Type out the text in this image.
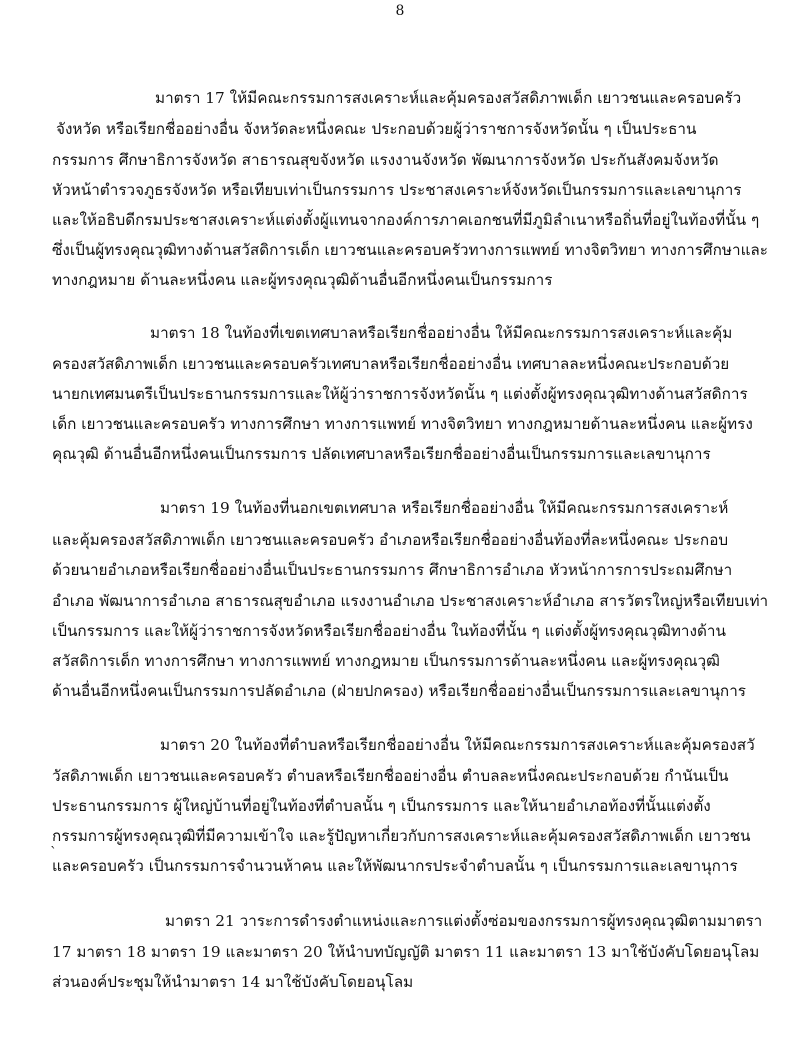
8
มาตรา 17 ให้มีคณะกรรมการสงเคราะห์และคุ้มครองสวัสดิภาพเด็ก เยาวชนและครอบครัว
จังหวัด หรือเรียกชื่ออย่างอื่น จังหวัดละหนึ่งคณะ ประกอบด้วยผู้ว่าราชการจังหวัดนั้น ๆ เป็นประธาน
กรรมการ ศึกษาธิการจังหวัด สาธารณสุขจังหวัด แรงงานจังหวัด พัฒนาการจังหวัด ประกันสังคมจังหวัด
หัวหน้าตำรวจภูธรจังหวัด หรือเทียบเท่าเป็นกรรมการ ประชาสงเคราะห์จังหวัดเป็นกรรมการและเลขานุการ
และให้อธิบดีกรมประชาสงเคราะห์แต่งตั้งผู้แทนจากองค์การภาคเอกชนที่มีภูมิลำเนาหรือถิ่นที่อยู่ในท้องที่นั้น ๆ
ซึ่งเป็นผู้ทรงคุณวุฒิทางด้านสวัสดิการเด็ก เยาวชนและครอบครัวทางการแพทย์ ทางจิตวิทยา ทางการศึกษาและ
ทางกฎหมาย ด้านละหนึ่งคน และผู้ทรงคุณวุฒิด้านอื่นอีกหนึ่งคนเป็นกรรมการ
มาตรา 18 ในท้องที่เขตเทศบาลหรือเรียกชื่ออย่างอื่น ให้มีคณะกรรมการสงเคราะห์และคุ้ม
ครองสวัสดิภาพเด็ก เยาวชนและครอบครัวเทศบาลหรือเรียกชื่ออย่างอื่น เทศบาลละหนึ่งคณะประกอบด้วย
นายกเทศมนตรีเป็นประธานกรรมการและให้ผู้ว่าราชการจังหวัดนั้น ๆ แต่งตั้งผู้ทรงคุณวุฒิทางด้านสวัสดิการ
เด็ก เยาวชนและครอบครัว ทางการศึกษา ทางการแพทย์ ทางจิตวิทยา ทางกฎหมายด้านละหนึ่งคน และผู้ทรง
คุณวุฒิ ด้านอื่นอีกหนึ่งคนเป็นกรรมการ ปลัดเทศบาลหรือเรียกชื่ออย่างอื่นเป็นกรรมการและเลขานุการ
มาตรา 19 ในท้องที่นอกเขตเทศบาล หรือเรียกชื่ออย่างอื่น ให้มีคณะกรรมการสงเคราะห์
และคุ้มครองสวัสดิภาพเด็ก เยาวชนและครอบครัว อำเภอหรือเรียกชื่ออย่างอื่นท้องที่ละหนึ่งคณะ ประกอบ
ด้วยนายอำเภอหรือเรียกชื่ออย่างอื่นเป็นประธานกรรมการ ศึกษาธิการอำเภอ หัวหน้าการการประถมศึกษา
อำเภอ พัฒนาการอำเภอ สาธารณสุขอำเภอ แรงงานอำเภอ ประชาสงเคราะห์อำเภอ สารวัตรใหญ่หรือเทียบเท่า
เป็นกรรมการ และให้ผู้ว่าราชการจังหวัดหรือเรียกชื่ออย่างอื่น ในท้องที่นั้น ๆ แต่งตั้งผู้ทรงคุณวุฒิทางด้าน
สวัสดิการเด็ก ทางการศึกษา ทางการแพทย์ ทางกฎหมาย เป็นกรรมการด้านละหนึ่งคน และผู้ทรงคุณวุฒิ
ด้านอื่นอีกหนึ่งคนเป็นกรรมการปลัดอำเภอ (ฝ่ายปกครอง) หรือเรียกชื่ออย่างอื่นเป็นกรรมการและเลขานุการ
มาตรา 20 ในท้องที่ตำบลหรือเรียกชื่ออย่างอื่น ให้มีคณะกรรมการสงเคราะห์และคุ้มครองสวั
วัสดิภาพเด็ก เยาวชนและครอบครัว ตำบลหรือเรียกชื่ออย่างอื่น ตำบลละหนึ่งคณะประกอบด้วย กำนันเป็น
ประธานกรรมการ ผู้ใหญ่บ้านที่อยู่ในท้องที่ตำบลนั้น ๆ เป็นกรรมการ และให้นายอำเภอท้องที่นั้นแต่งตั้ง
กรรมการผู้ทรงคุณวุฒิที่มีความเข้าใจ และรู้ปัญหาเกี่ยวกับการสงเคราะห์และคุ้มครองสวัสดิภาพเด็ก เยาวชน
และครอบครัว เป็นกรรมการจำนวนห้าคน และให้พัฒนากรประจำตำบลนั้น ๆ เป็นกรรมการและเลขานุการ
`
มาตรา 21 วาระการดำรงตำแหน่งและการแต่งตั้งซ่อมของกรรมการผู้ทรงคุณวุฒิตามมาตรา
17 มาตรา 18 มาตรา 19 และมาตรา 20 ให้นำบทบัญญัติ มาตรา 11 และมาตรา 13 มาใช้บังคับโดยอนุโลม
ส่วนองค์ประชุมให้นำมาตรา 14 มาใช้บังคับโดยอนุโลม
